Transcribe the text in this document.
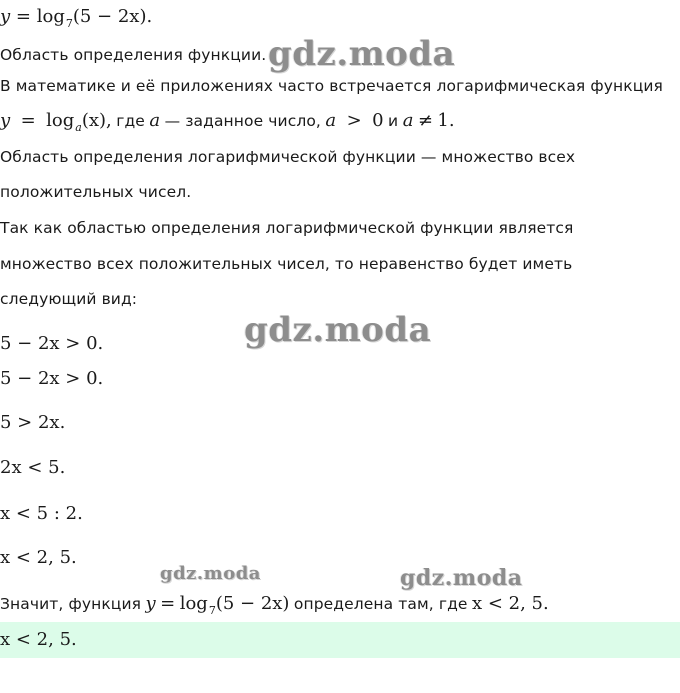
$y = \log_7(5 - 2x)$.
Область определения функции.
В математике и её приложениях часто встречается логарифмическая функция
$y = \log_a(x)$, где a — заданное число, a > 0 и a ≠ 1.
Область определения логарифмической функции — множество всех
положительных чисел.
Так как областью определения логарифмической функции является
множество всех положительных чисел, то неравенство будет иметь
следующий вид:
5 − 2x > 0.
5 − 2x > 0.
5 > 2x.
2x < 5.
x < 5 : 2.
x < 2, 5.
Значит, функция $y = \log_7(5 - 2x)$ определена там, где x < 2, 5.
x < 2, 5.
gdz.moda
gdz.moda
gdz.moda	gdz.moda
